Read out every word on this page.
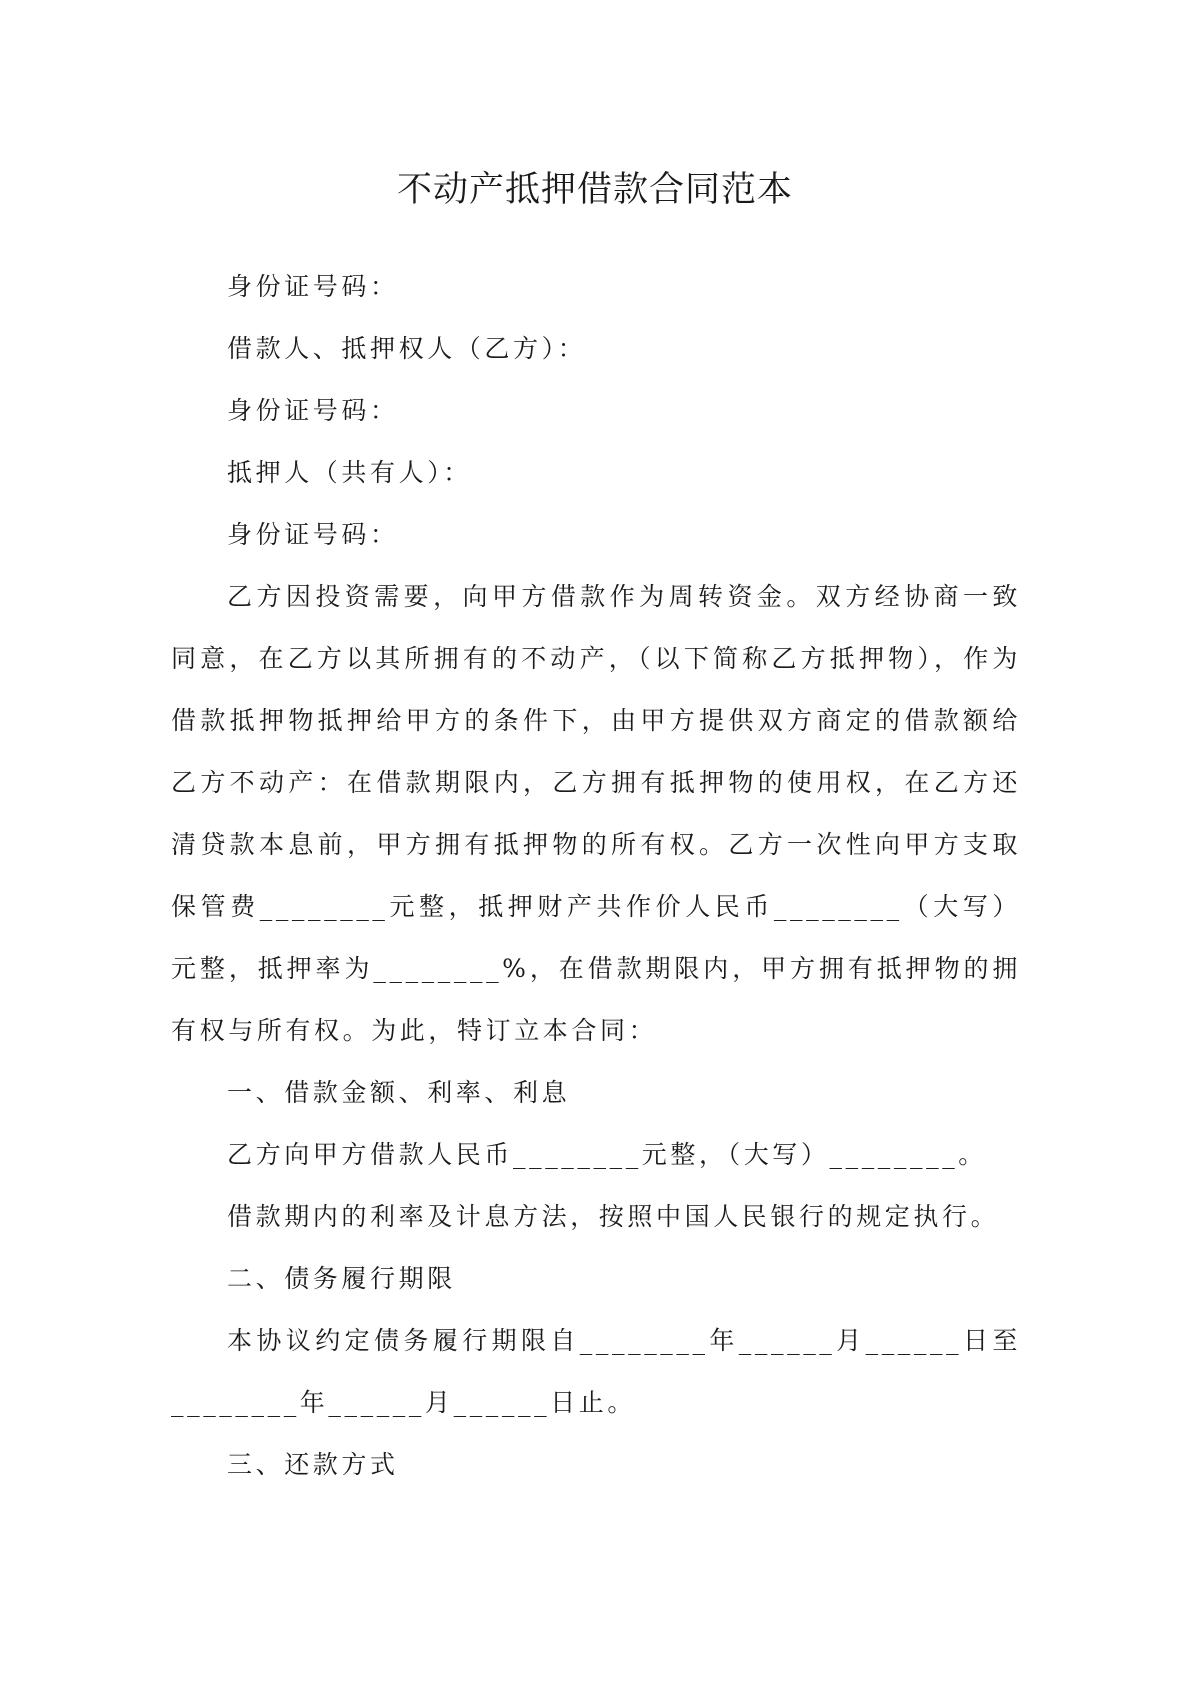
不动产抵押借款合同范本

身份证号码：

借款人、抵押权人（乙方）：

身份证号码：

抵押人（共有人）：

身份证号码：

乙方因投资需要，向甲方借款作为周转资金。双方经协商一致同意，在乙方以其所拥有的不动产，（以下简称乙方抵押物），作为借款抵押物抵押给甲方的条件下，由甲方提供双方商定的借款额给乙方不动产：在借款期限内，乙方拥有抵押物的使用权，在乙方还清贷款本息前，甲方拥有抵押物的所有权。乙方一次性向甲方支取保管费________元整，抵押财产共作价人民币________（大写）元整，抵押率为________%，在借款期限内，甲方拥有抵押物的拥有权与所有权。为此，特订立本合同：

一、借款金额、利率、利息

乙方向甲方借款人民币________元整，（大写）________。

借款期内的利率及计息方法，按照中国人民银行的规定执行。

二、债务履行期限

本协议约定债务履行期限自________年______月______日至________年______月______日止。

三、还款方式
